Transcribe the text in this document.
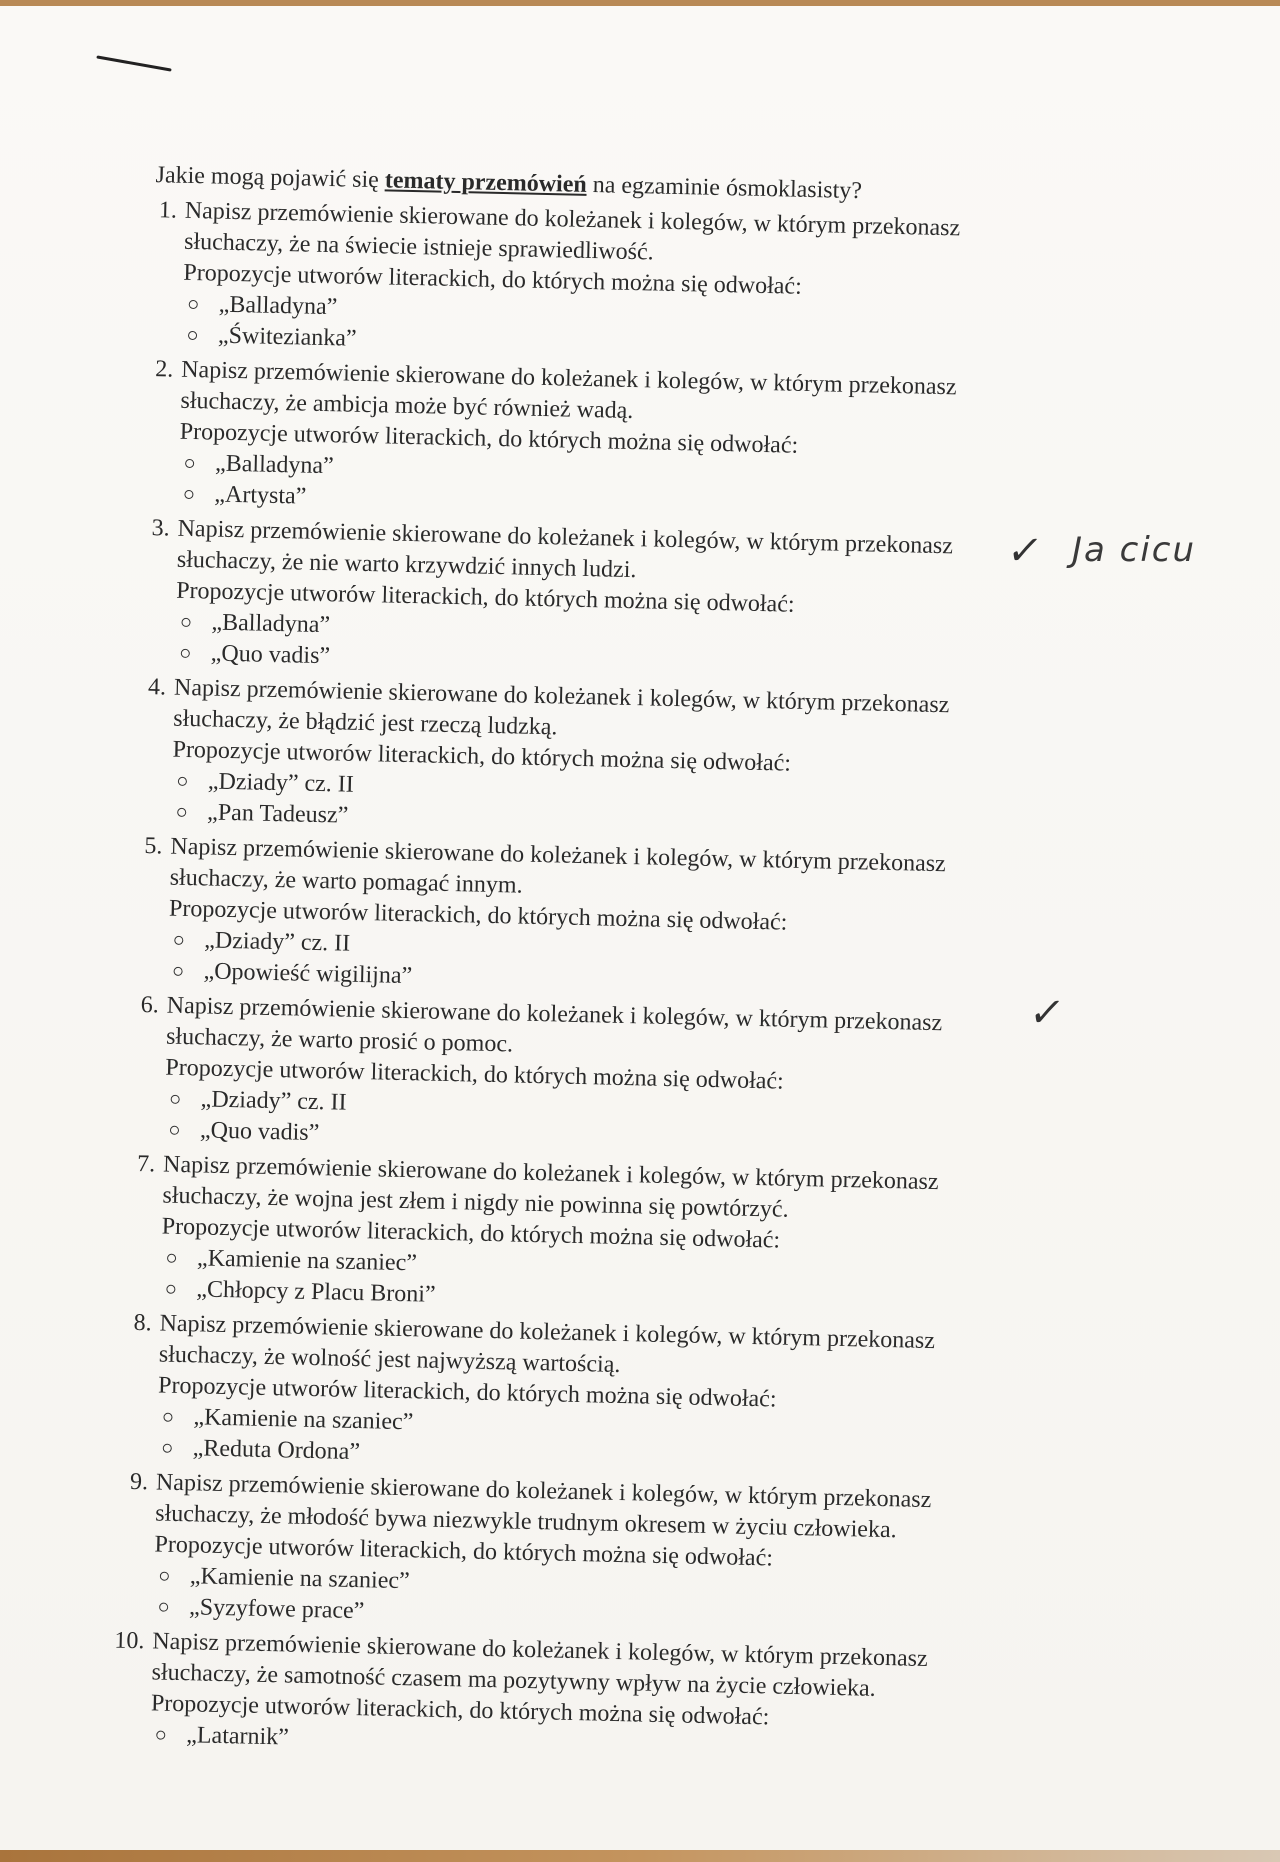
Jakie mogą pojawić się tematy przemówień na egzaminie ósmoklasisty?

1. Napisz przemówienie skierowane do koleżanek i kolegów, w którym przekonasz słuchaczy, że na świecie istnieje sprawiedliwość.
Propozycje utworów literackich, do których można się odwołać:
„Balladyna”
„Świtezianka”
2. Napisz przemówienie skierowane do koleżanek i kolegów, w którym przekonasz słuchaczy, że ambicja może być również wadą.
Propozycje utworów literackich, do których można się odwołać:
„Balladyna”
„Artysta”
3. Napisz przemówienie skierowane do koleżanek i kolegów, w którym przekonasz słuchaczy, że nie warto krzywdzić innych ludzi.
Propozycje utworów literackich, do których można się odwołać:
„Balladyna”
„Quo vadis”
4. Napisz przemówienie skierowane do koleżanek i kolegów, w którym przekonasz słuchaczy, że błądzić jest rzeczą ludzką.
Propozycje utworów literackich, do których można się odwołać:
„Dziady” cz. II
„Pan Tadeusz”
5. Napisz przemówienie skierowane do koleżanek i kolegów, w którym przekonasz słuchaczy, że warto pomagać innym.
Propozycje utworów literackich, do których można się odwołać:
„Dziady” cz. II
„Opowieść wigilijna”
6. Napisz przemówienie skierowane do koleżanek i kolegów, w którym przekonasz słuchaczy, że warto prosić o pomoc.
Propozycje utworów literackich, do których można się odwołać:
„Dziady” cz. II
„Quo vadis”
7. Napisz przemówienie skierowane do koleżanek i kolegów, w którym przekonasz słuchaczy, że wojna jest złem i nigdy nie powinna się powtórzyć.
Propozycje utworów literackich, do których można się odwołać:
„Kamienie na szaniec”
„Chłopcy z Placu Broni”
8. Napisz przemówienie skierowane do koleżanek i kolegów, w którym przekonasz słuchaczy, że wolność jest najwyższą wartością.
Propozycje utworów literackich, do których można się odwołać:
„Kamienie na szaniec”
„Reduta Ordona”
9. Napisz przemówienie skierowane do koleżanek i kolegów, w którym przekonasz słuchaczy, że młodość bywa niezwykle trudnym okresem w życiu człowieka.
Propozycje utworów literackich, do których można się odwołać:
„Kamienie na szaniec”
„Syzyfowe prace”
10. Napisz przemówienie skierowane do koleżanek i kolegów, w którym przekonasz słuchaczy, że samotność czasem ma pozytywny wpływ na życie człowieka.
Propozycje utworów literackich, do których można się odwołać:
„Latarnik”
✓ Ja cicu
✓
